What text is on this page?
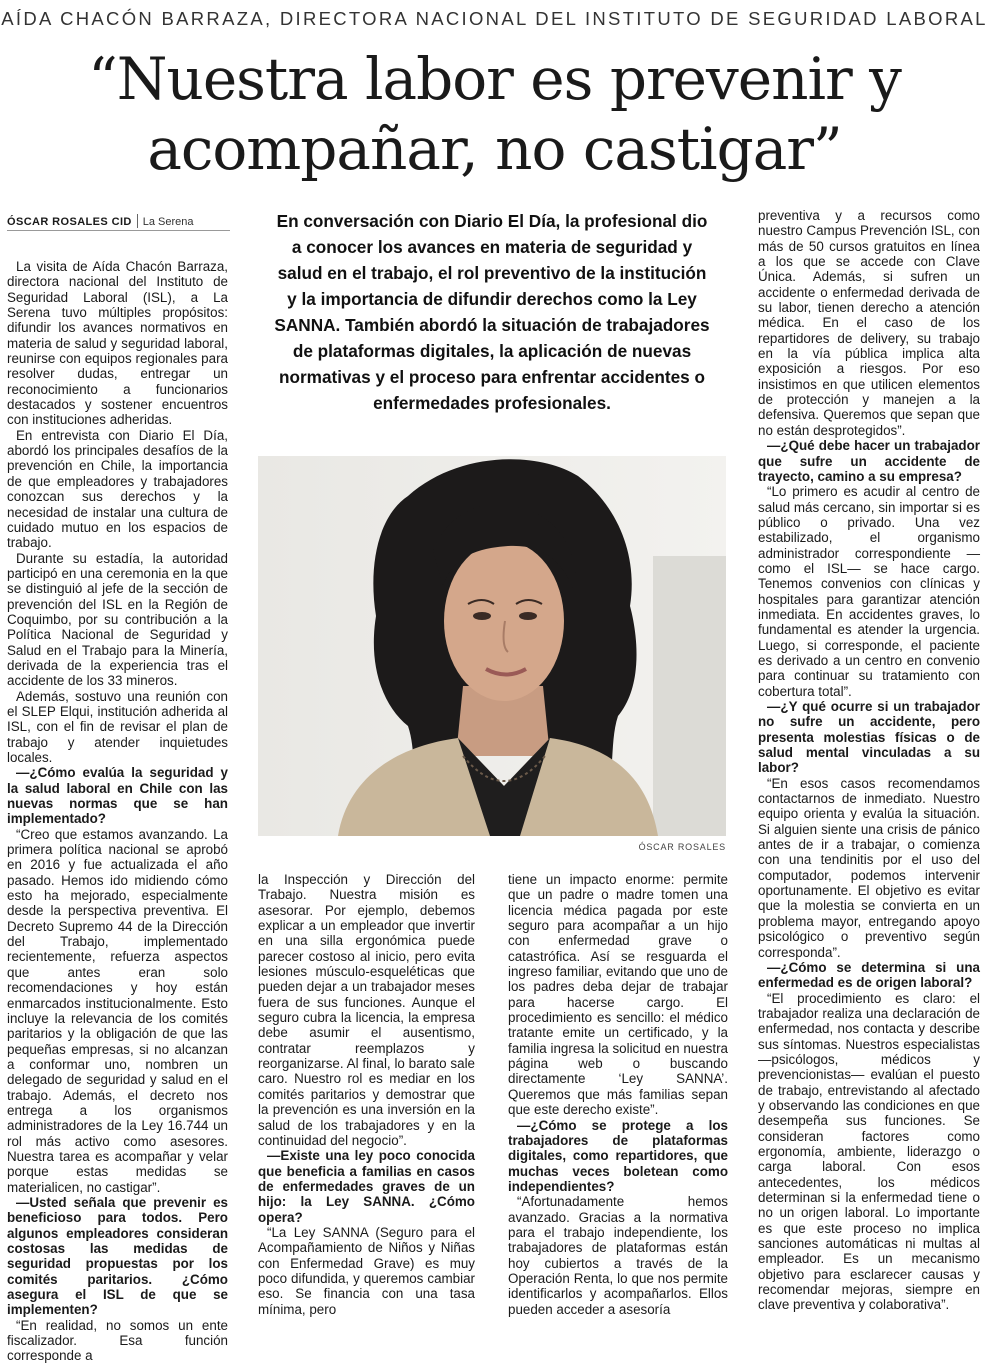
AÍDA CHACÓN BARRAZA, DIRECTORA NACIONAL DEL INSTITUTO DE SEGURIDAD LABORAL
“Nuestra labor es prevenir y
acompañar, no castigar”
ÓSCAR ROSALES CID La Serena

La visita de Aída Chacón Barraza, directora nacional del Instituto de Seguridad Laboral (ISL), a La Serena tuvo múltiples propósitos: difundir los avances normativos en materia de salud y seguridad laboral, reunirse con equipos regionales para resolver dudas, entregar un reconocimiento a funcionarios destacados y sostener encuentros con instituciones adheridas.

En entrevista con Diario El Día, abordó los principales desafíos de la prevención en Chile, la importancia de que empleadores y trabajadores conozcan sus derechos y la necesidad de instalar una cultura de cuidado mutuo en los espacios de trabajo.

Durante su estadía, la autoridad participó en una ceremonia en la que se distinguió al jefe de la sección de prevención del ISL en la Región de Coquimbo, por su contribución a la Política Nacional de Seguridad y Salud en el Trabajo para la Minería, derivada de la experiencia tras el accidente de los 33 mineros.

Además, sostuvo una reunión con el SLEP Elqui, institución adherida al ISL, con el fin de revisar el plan de trabajo y atender inquietudes locales.

—¿Cómo evalúa la seguridad y la salud laboral en Chile con las nuevas normas que se han implementado?

“Creo que estamos avanzando. La primera política nacional se aprobó en 2016 y fue actualizada el año pasado. Hemos ido midiendo cómo esto ha mejorado, especialmente desde la perspectiva preventiva. El Decreto Supremo 44 de la Dirección del Trabajo, implementado recientemente, refuerza aspectos que antes eran solo recomendaciones y hoy están enmarcados institucionalmente. Esto incluye la relevancia de los comités paritarios y la obligación de que las pequeñas empresas, si no alcanzan a conformar uno, nombren un delegado de seguridad y salud en el trabajo. Además, el decreto nos entrega a los organismos administradores de la Ley 16.744 un rol más activo como asesores. Nuestra tarea es acompañar y velar porque estas medidas se materialicen, no castigar”.

—Usted señala que prevenir es beneficioso para todos. Pero algunos empleadores consideran costosas las medidas de seguridad propuestas por los comités paritarios. ¿Cómo asegura el ISL de que se implementen?

“En realidad, no somos un ente fiscalizador. Esa función corresponde a

En conversación con Diario El Día, la profesional dio a conocer los avances en materia de seguridad y salud en el trabajo, el rol preventivo de la institución y la importancia de difundir derechos como la Ley SANNA. También abordó la situación de trabajadores de plataformas digitales, la aplicación de nuevas normativas y el proceso para enfrentar accidentes o enfermedades profesionales.
ÓSCAR ROSALES

la Inspección y Dirección del Trabajo. Nuestra misión es asesorar. Por ejemplo, debemos explicar a un empleador que invertir en una silla ergonómica puede parecer costoso al inicio, pero evita lesiones músculo-esqueléticas que pueden dejar a un trabajador meses fuera de sus funciones. Aunque el seguro cubra la licencia, la empresa debe asumir el ausentismo, contratar reemplazos y reorganizarse. Al final, lo barato sale caro. Nuestro rol es mediar en los comités paritarios y demostrar que la prevención es una inversión en la salud de los trabajadores y en la continuidad del negocio”.

—Existe una ley poco conocida que beneficia a familias en casos de enfermedades graves de un hijo: la Ley SANNA. ¿Cómo opera?

“La Ley SANNA (Seguro para el Acompañamiento de Niños y Niñas con Enfermedad Grave) es muy poco difundida, y queremos cambiar eso. Se financia con una tasa mínima, pero

tiene un impacto enorme: permite que un padre o madre tomen una licencia médica pagada por este seguro para acompañar a un hijo con enfermedad grave o catastrófica. Así se resguarda el ingreso familiar, evitando que uno de los padres deba dejar de trabajar para hacerse cargo. El procedimiento es sencillo: el médico tratante emite un certificado, y la familia ingresa la solicitud en nuestra página web o buscando directamente ‘Ley SANNA’. Queremos que más familias sepan que este derecho existe”.

—¿Cómo se protege a los trabajadores de plataformas digitales, como repartidores, que muchas veces boletean como independientes?

“Afortunadamente hemos avanzado. Gracias a la normativa para el trabajo independiente, los trabajadores de plataformas están hoy cubiertos a través de la Operación Renta, lo que nos permite identificarlos y acompañarlos. Ellos pueden acceder a asesoría

preventiva y a recursos como nuestro Campus Prevención ISL, con más de 50 cursos gratuitos en línea a los que se accede con Clave Única. Además, si sufren un accidente o enfermedad derivada de su labor, tienen derecho a atención médica. En el caso de los repartidores de delivery, su trabajo en la vía pública implica alta exposición a riesgos. Por eso insistimos en que utilicen elementos de protección y manejen a la defensiva. Queremos que sepan que no están desprotegidos”.

—¿Qué debe hacer un trabajador que sufre un accidente de trayecto, camino a su empresa?

“Lo primero es acudir al centro de salud más cercano, sin importar si es público o privado. Una vez estabilizado, el organismo administrador correspondiente —como el ISL— se hace cargo. Tenemos convenios con clínicas y hospitales para garantizar atención inmediata. En accidentes graves, lo fundamental es atender la urgencia. Luego, si corresponde, el paciente es derivado a un centro en convenio para continuar su tratamiento con cobertura total”.

—¿Y qué ocurre si un trabajador no sufre un accidente, pero presenta molestias físicas o de salud mental vinculadas a su labor?

“En esos casos recomendamos contactarnos de inmediato. Nuestro equipo orienta y evalúa la situación. Si alguien siente una crisis de pánico antes de ir a trabajar, o comienza con una tendinitis por el uso del computador, podemos intervenir oportunamente. El objetivo es evitar que la molestia se convierta en un problema mayor, entregando apoyo psicológico o preventivo según corresponda”.

—¿Cómo se determina si una enfermedad es de origen laboral?

“El procedimiento es claro: el trabajador realiza una declaración de enfermedad, nos contacta y describe sus síntomas. Nuestros especialistas —psicólogos, médicos y prevencionistas— evalúan el puesto de trabajo, entrevistando al afectado y observando las condiciones en que desempeña sus funciones. Se consideran factores como ergonomía, ambiente, liderazgo o carga laboral. Con esos antecedentes, los médicos determinan si la enfermedad tiene o no un origen laboral. Lo importante es que este proceso no implica sanciones automáticas ni multas al empleador. Es un mecanismo objetivo para esclarecer causas y recomendar mejoras, siempre en clave preventiva y colaborativa”.
